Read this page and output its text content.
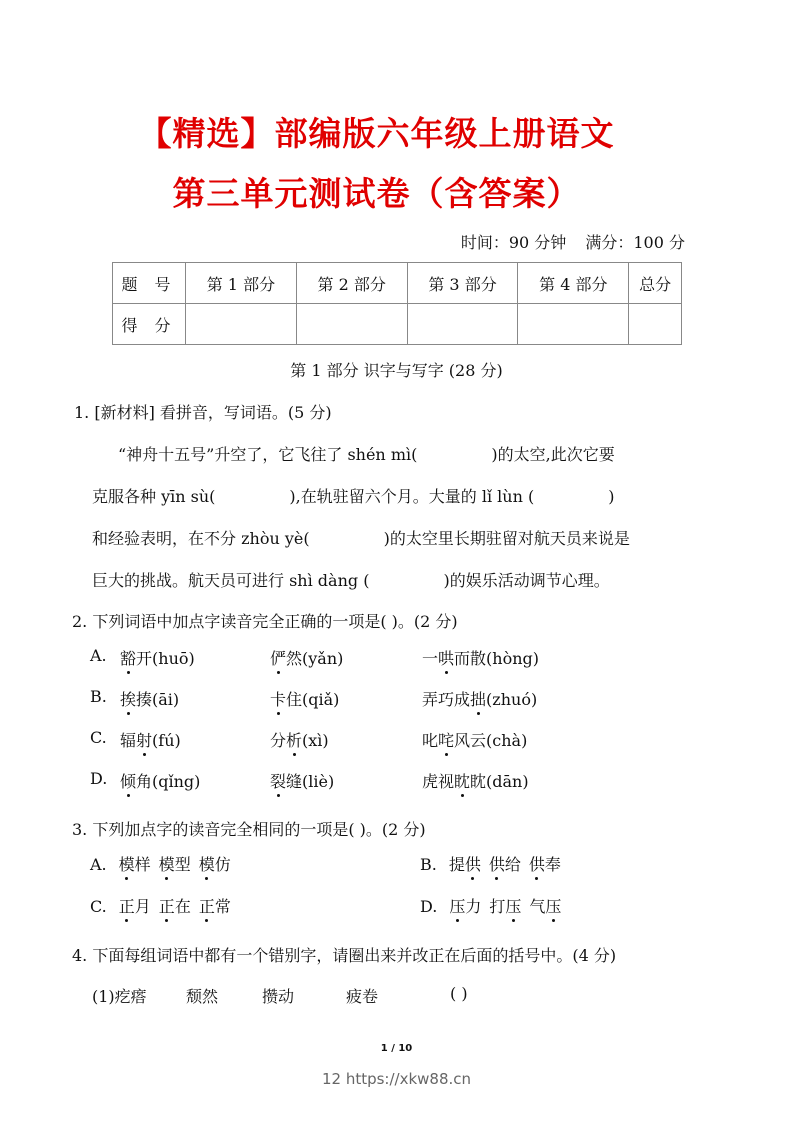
【精选】部编版六年级上册语文
第三单元测试卷（含答案）
时间：90 分钟 满分：100 分
题 号	第 1 部分	第 2 部分	第 3 部分	第 4 部分	总分
得 分					
第 1 部分 识字与写字 (28 分)
1. [新材料] 看拼音，写词语。(5 分)
“神舟十五号”升空了，它飞往了 shén mì(	)的太空,此次它要
克服各种 yīn sù(	),在轨驻留六个月。大量的 lǐ lùn (	)
和经验表明，在不分 zhòu yè(	)的太空里长期驻留对航天员来说是
巨大的挑战。航天员可进行 shì dàng (	)的娱乐活动调节心理。
2. 下列词语中加点字读音完全正确的一项是( )。(2 分)
A. 豁开(huō)	俨然(yǎn)	一哄而散(hòng)
B. 挨揍(āi)	卡住(qiǎ)	弄巧成拙(zhuó)
C. 辐射(fú)	分析(xì)	叱咤风云(chà)
D. 倾角(qǐng)	裂缝(liè)	虎视眈眈(dān)
3. 下列加点字的读音完全相同的一项是( )。(2 分)
A. 模样 模型 模仿	B. 提供 供给 供奉
C. 正月 正在 正常	D. 压力 打压 气压
4. 下面每组词语中都有一个错别字，请圈出来并改正在后面的括号中。(4 分)
(1)疙瘩 颓然	攒动	疲卷	( )
1 / 10
12 https://xkw88.cn
